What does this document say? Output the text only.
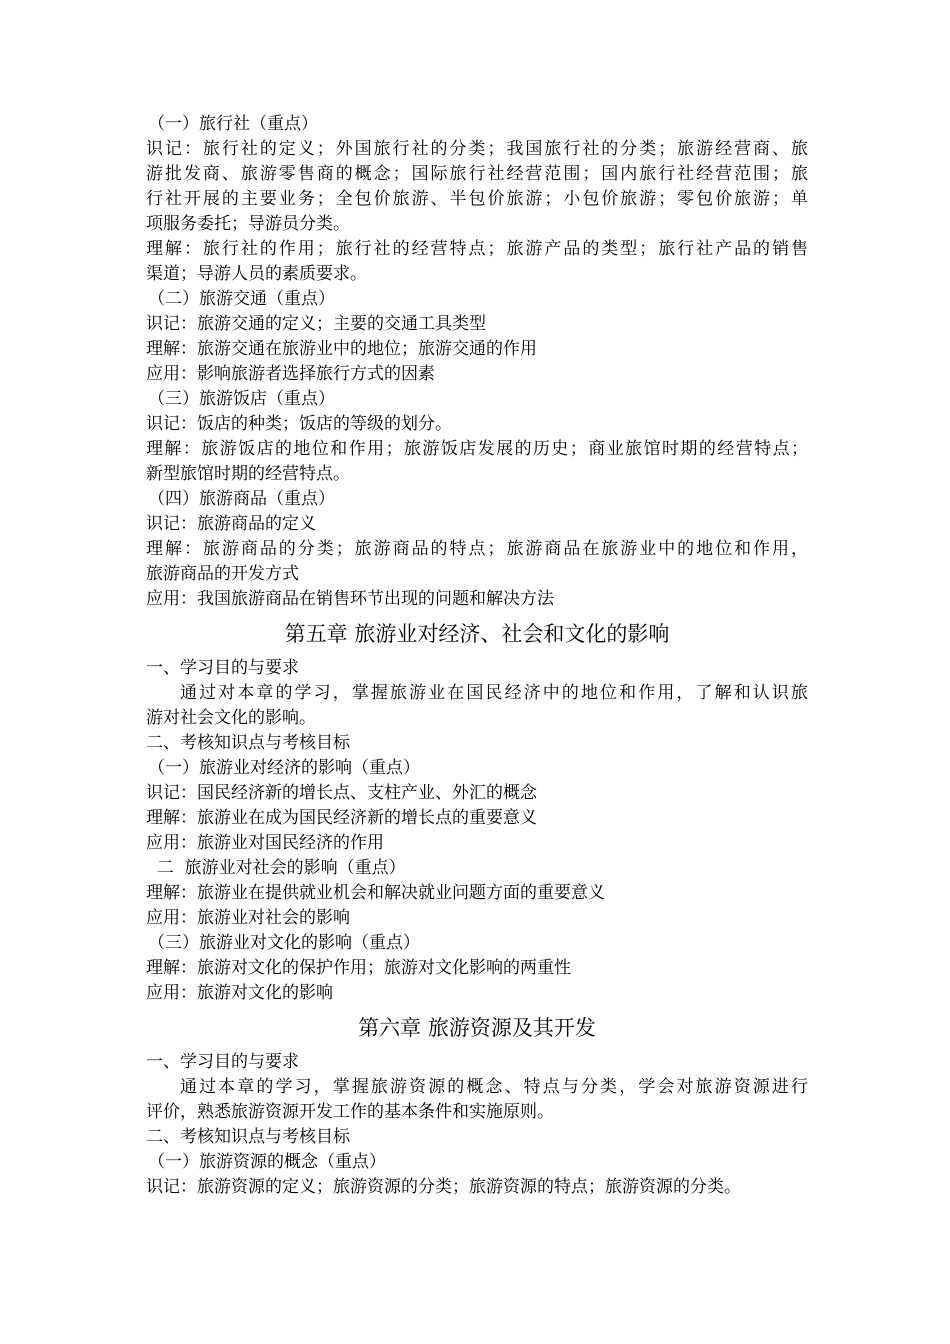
（一）旅行社（重点）
识记：旅行社的定义；外国旅行社的分类；我国旅行社的分类；旅游经营商、旅
游批发商、旅游零售商的概念；国际旅行社经营范围；国内旅行社经营范围；旅
行社开展的主要业务；全包价旅游、半包价旅游；小包价旅游；零包价旅游；单
项服务委托；导游员分类。
理解：旅行社的作用；旅行社的经营特点；旅游产品的类型；旅行社产品的销售
渠道；导游人员的素质要求。
（二）旅游交通（重点）
识记：旅游交通的定义；主要的交通工具类型
理解：旅游交通在旅游业中的地位；旅游交通的作用
应用：影响旅游者选择旅行方式的因素
（三）旅游饭店（重点）
识记：饭店的种类；饭店的等级的划分。
理解：旅游饭店的地位和作用；旅游饭店发展的历史；商业旅馆时期的经营特点；
新型旅馆时期的经营特点。
（四）旅游商品（重点）
识记：旅游商品的定义
理解：旅游商品的分类；旅游商品的特点；旅游商品在旅游业中的地位和作用，
旅游商品的开发方式
应用：我国旅游商品在销售环节出现的问题和解决方法
第五章 旅游业对经济、社会和文化的影响
一、学习目的与要求
通过对本章的学习，掌握旅游业在国民经济中的地位和作用，了解和认识旅
游对社会文化的影响。
二、考核知识点与考核目标
（一）旅游业对经济的影响（重点）
识记：国民经济新的增长点、支柱产业、外汇的概念
理解：旅游业在成为国民经济新的增长点的重要意义
应用：旅游业对国民经济的作用
二  旅游业对社会的影响（重点）
理解：旅游业在提供就业机会和解决就业问题方面的重要意义
应用：旅游业对社会的影响
（三）旅游业对文化的影响（重点）
理解：旅游对文化的保护作用；旅游对文化影响的两重性
应用：旅游对文化的影响
第六章 旅游资源及其开发
一、学习目的与要求
通过本章的学习，掌握旅游资源的概念、特点与分类，学会对旅游资源进行
评价，熟悉旅游资源开发工作的基本条件和实施原则。
二、考核知识点与考核目标
（一）旅游资源的概念（重点）
识记：旅游资源的定义；旅游资源的分类；旅游资源的特点；旅游资源的分类。
